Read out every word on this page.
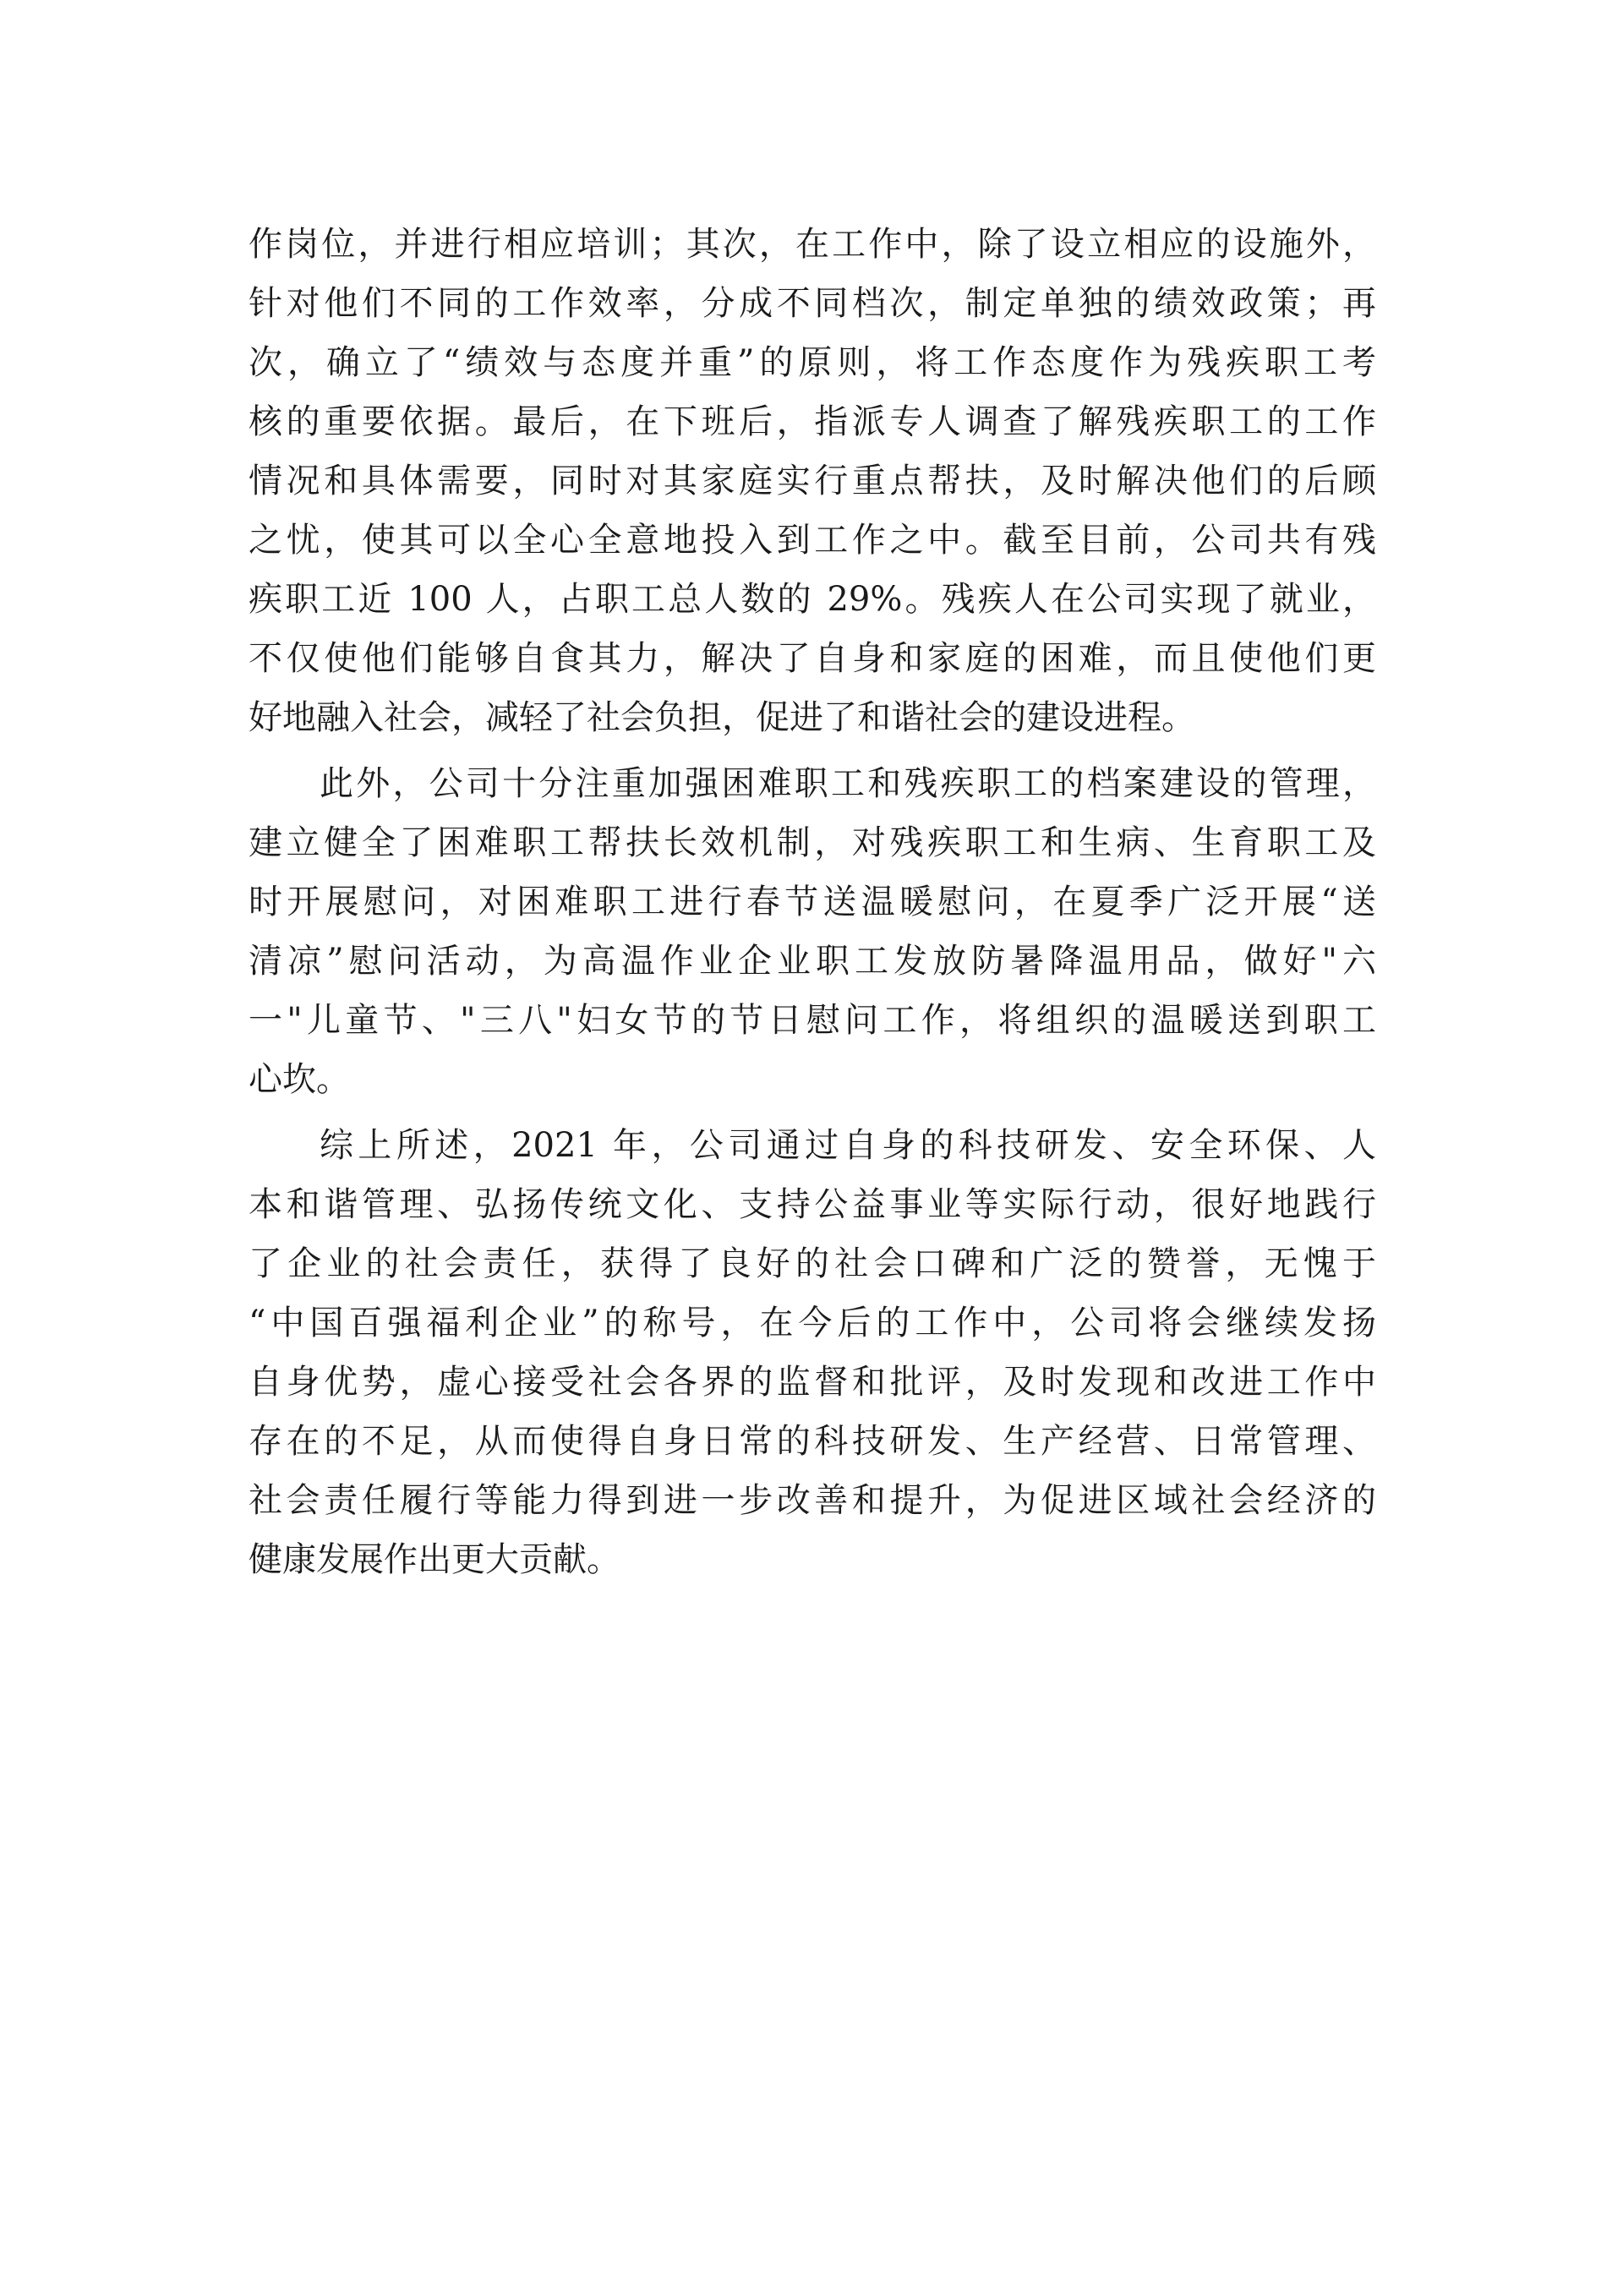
作岗位，并进行相应培训；其次，在工作中，除了设立相应的设施外，
针对他们不同的工作效率，分成不同档次，制定单独的绩效政策；再
次，确立了“绩效与态度并重”的原则，将工作态度作为残疾职工考
核的重要依据。最后，在下班后，指派专人调查了解残疾职工的工作
情况和具体需要，同时对其家庭实行重点帮扶，及时解决他们的后顾
之忧，使其可以全心全意地投入到工作之中。截至目前，公司共有残
疾职工近 100 人，占职工总人数的 29%。残疾人在公司实现了就业，
不仅使他们能够自食其力，解决了自身和家庭的困难，而且使他们更
好地融入社会，减轻了社会负担，促进了和谐社会的建设进程。
此外，公司十分注重加强困难职工和残疾职工的档案建设的管理，
建立健全了困难职工帮扶长效机制，对残疾职工和生病、生育职工及
时开展慰问，对困难职工进行春节送温暖慰问，在夏季广泛开展“送
清凉”慰问活动，为高温作业企业职工发放防暑降温用品，做好"六
一"儿童节、"三八"妇女节的节日慰问工作，将组织的温暖送到职工
心坎。
综上所述，2021 年，公司通过自身的科技研发、安全环保、人
本和谐管理、弘扬传统文化、支持公益事业等实际行动，很好地践行
了企业的社会责任，获得了良好的社会口碑和广泛的赞誉，无愧于
“中国百强福利企业”的称号，在今后的工作中，公司将会继续发扬
自身优势，虚心接受社会各界的监督和批评，及时发现和改进工作中
存在的不足，从而使得自身日常的科技研发、生产经营、日常管理、
社会责任履行等能力得到进一步改善和提升，为促进区域社会经济的
健康发展作出更大贡献。
